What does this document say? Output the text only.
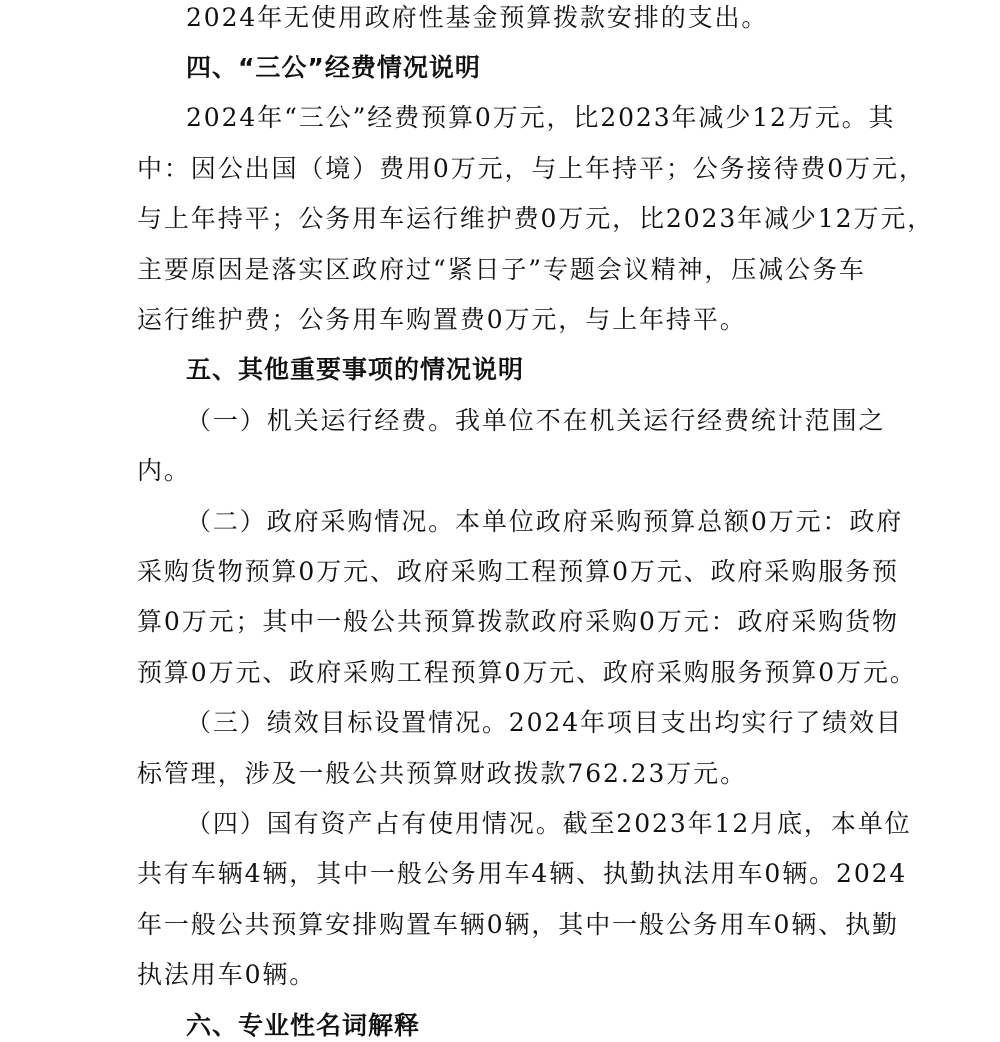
2024年无使用政府性基金预算拨款安排的支出。
四、“三公”经费情况说明
2024年“三公”经费预算0万元，比2023年减少12万元。其
中：因公出国（境）费用0万元，与上年持平；公务接待费0万元，
与上年持平；公务用车运行维护费0万元，比2023年减少12万元，
主要原因是落实区政府过“紧日子”专题会议精神，压减公务车
运行维护费；公务用车购置费0万元，与上年持平。
五、其他重要事项的情况说明
（一）机关运行经费。我单位不在机关运行经费统计范围之
内。
（二）政府采购情况。本单位政府采购预算总额0万元：政府
采购货物预算0万元、政府采购工程预算0万元、政府采购服务预
算0万元；其中一般公共预算拨款政府采购0万元：政府采购货物
预算0万元、政府采购工程预算0万元、政府采购服务预算0万元。
（三）绩效目标设置情况。2024年项目支出均实行了绩效目
标管理，涉及一般公共预算财政拨款762.23万元。
（四）国有资产占有使用情况。截至2023年12月底，本单位
共有车辆4辆，其中一般公务用车4辆、执勤执法用车0辆。2024
年一般公共预算安排购置车辆0辆，其中一般公务用车0辆、执勤
执法用车0辆。
六、专业性名词解释
